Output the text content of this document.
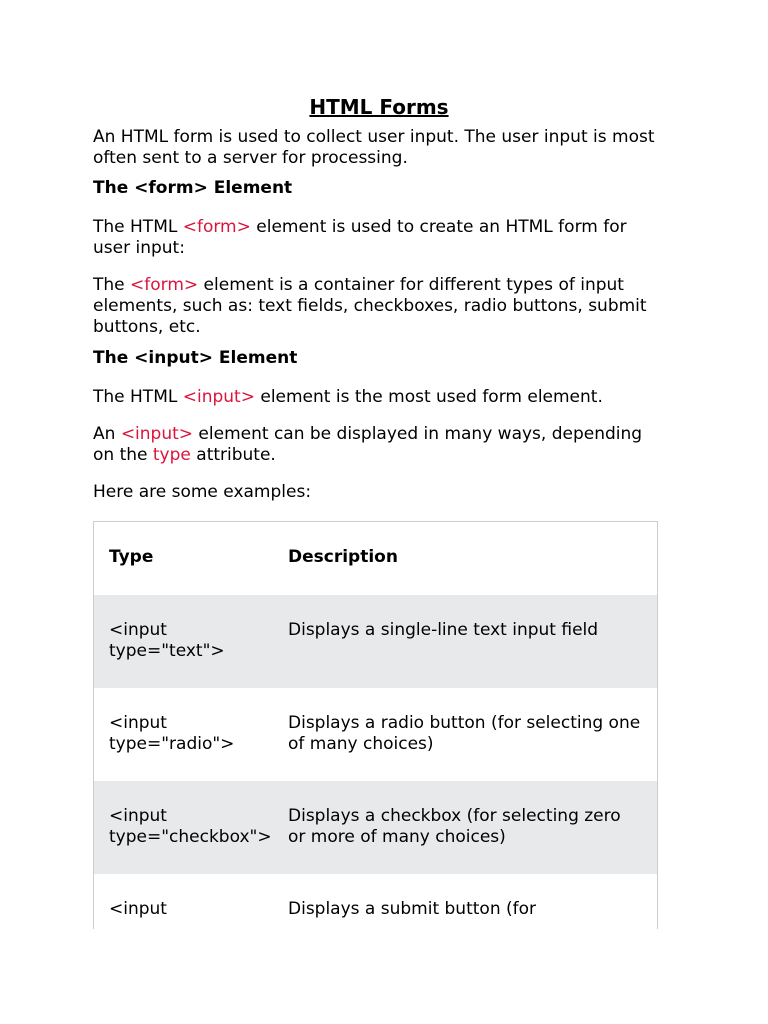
HTML Forms

An HTML form is used to collect user input. The user input is most often sent to a server for processing.

The <form> Element

The HTML <form> element is used to create an HTML form for user input:

The <form> element is a container for different types of input elements, such as: text fields, checkboxes, radio buttons, submit buttons, etc.

The <input> Element

The HTML <input> element is the most used form element.

An <input> element can be displayed in many ways, depending on the type attribute.

Here are some examples:

Type	Description

<input
type="text">	Displays a single-line text input field

<input
type="radio">	Displays a radio button (for selecting one of many choices)

<input
type="checkbox">	Displays a checkbox (for selecting zero or more of many choices)

<input	Displays a submit button (for
